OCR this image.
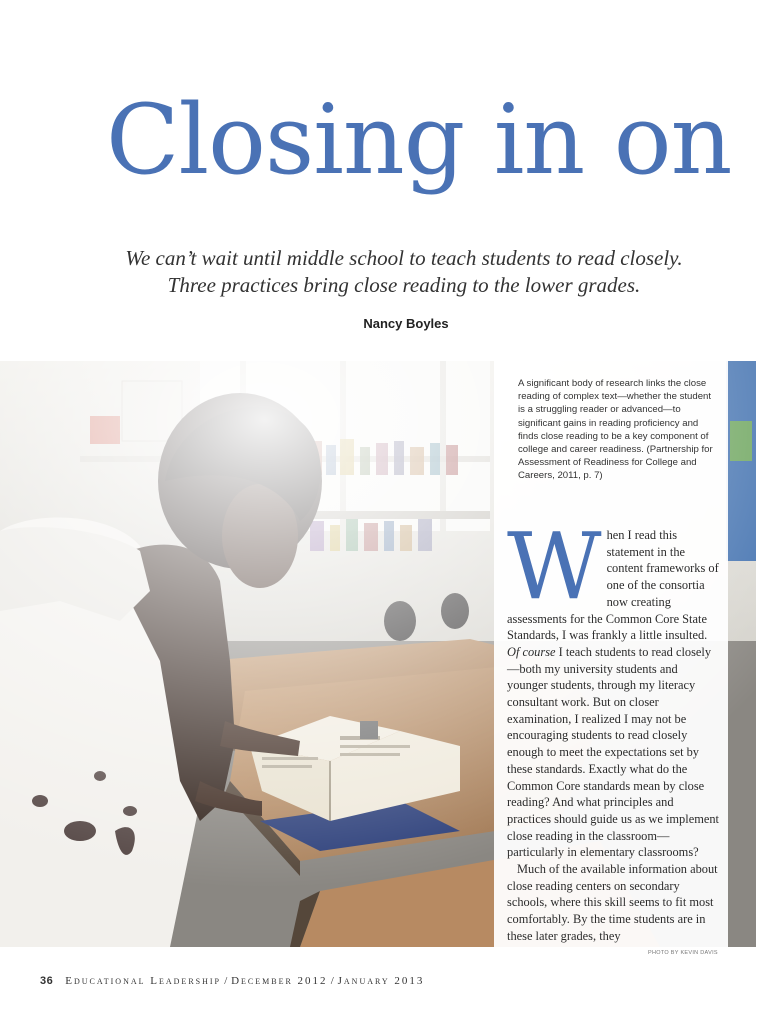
Closing in on

We can’t wait until middle school to teach students to read closely.
Three practices bring close reading to the lower grades.

Nancy Boyles

A significant body of research links the close reading of complex text—whether the student is a struggling reader or advanced—to significant gains in reading proficiency and finds close reading to be a key component of college and career readiness. (Partnership for Assessment of Readiness for College and Careers, 2011, p. 7)

When I read this statement in the content frameworks of one of the consortia now creating assessments for the Common Core State Standards, I was frankly a little insulted. Of course I teach students to read closely—both my university students and younger students, through my literacy consultant work. But on closer examination, I realized I may not be encouraging students to read closely enough to meet the expectations set by these standards. Exactly what do the Common Core standards mean by close reading? And what principles and practices should guide us as we implement close reading in the classroom—particularly in elementary classrooms?

Much of the available information about close reading centers on secondary schools, where this skill seems to fit most comfortably. By the time students are in these later grades, they

PHOTO BY KEVIN DAVIS
36 Educational Leadership / December 2012 / January 2013
